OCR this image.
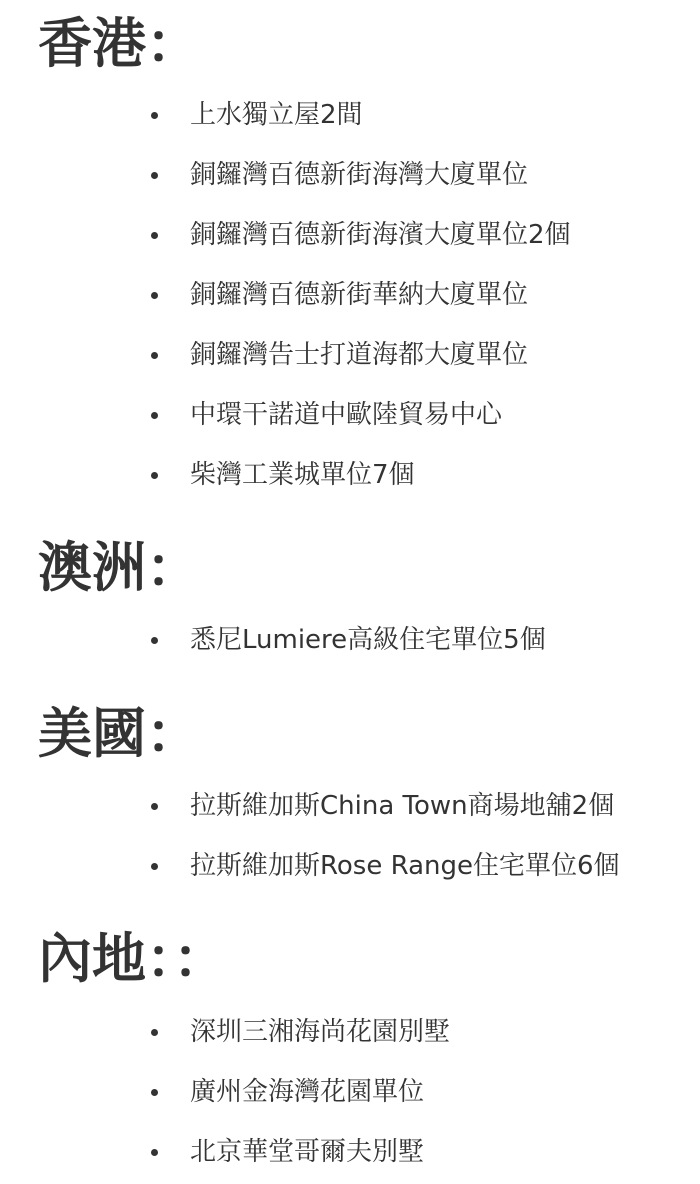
香港：
上水獨立屋2間
銅鑼灣百德新街海灣大廈單位
銅鑼灣百德新街海濱大廈單位2個
銅鑼灣百德新街華納大廈單位
銅鑼灣告士打道海都大廈單位
中環干諾道中歐陸貿易中心
柴灣工業城單位7個
澳洲：
悉尼Lumiere高級住宅單位5個
美國：
拉斯維加斯China Town商場地舖2個
拉斯維加斯Rose Range住宅單位6個
內地：：
深圳三湘海尚花園別墅
廣州金海灣花園單位
北京華堂哥爾夫別墅
